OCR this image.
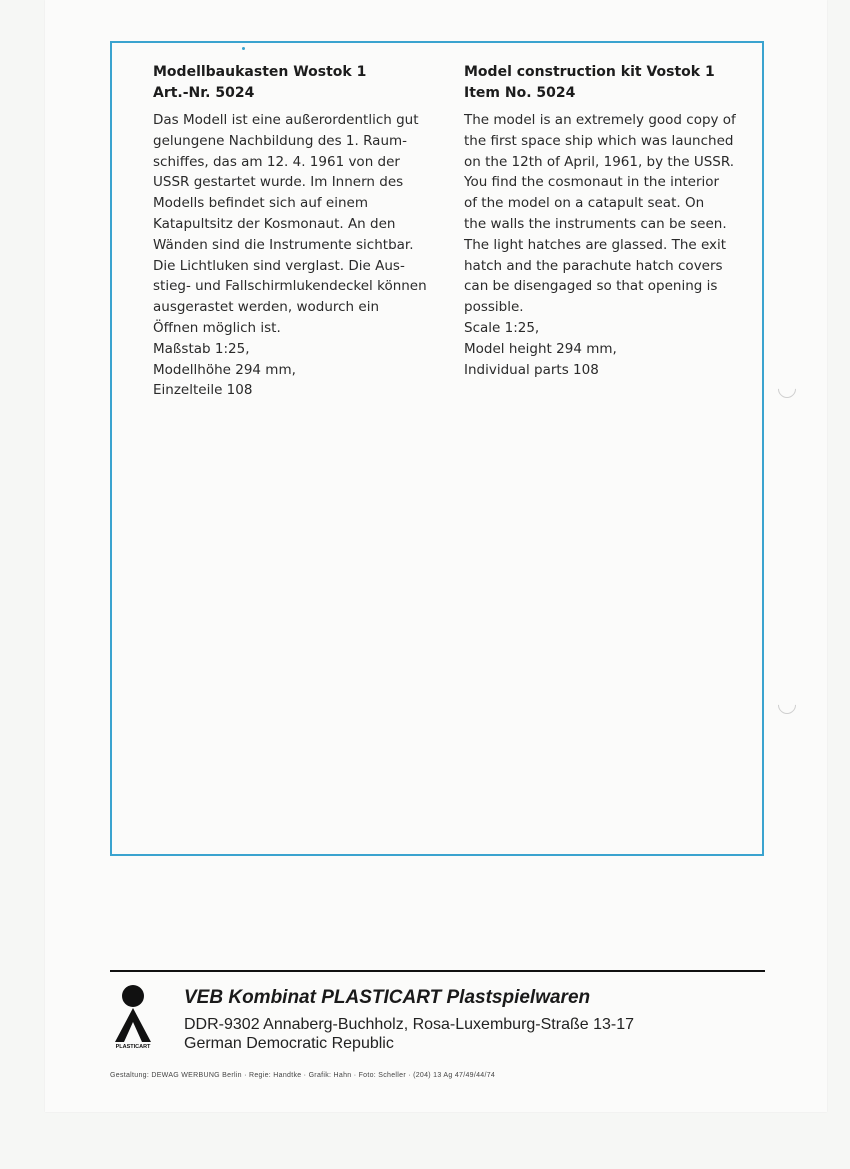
Modellbaukasten Wostok 1
Art.-Nr. 5024

Das Modell ist eine außerordentlich gut
gelungene Nachbildung des 1. Raum-
schiffes, das am 12. 4. 1961 von der
USSR gestartet wurde. Im Innern des
Modells befindet sich auf einem
Katapultsitz der Kosmonaut. An den
Wänden sind die Instrumente sichtbar.
Die Lichtluken sind verglast. Die Aus-
stieg- und Fallschirmlukendeckel können
ausgerastet werden, wodurch ein
Öffnen möglich ist.
Maßstab 1:25,
Modellhöhe 294 mm,
Einzelteile 108

Model construction kit Vostok 1
Item No. 5024

The model is an extremely good copy of
the first space ship which was launched
on the 12th of April, 1961, by the USSR.
You find the cosmonaut in the interior
of the model on a catapult seat. On
the walls the instruments can be seen.
The light hatches are glassed. The exit
hatch and the parachute hatch covers
can be disengaged so that opening is
possible.
Scale 1:25,
Model height 294 mm,
Individual parts 108
PLASTICART
VEB Kombinat PLASTICART Plastspielwaren
DDR-9302 Annaberg-Buchholz, Rosa-Luxemburg-Straße 13-17
German Democratic Republic
Gestaltung: DEWAG WERBUNG Berlin · Regie: Handtke · Grafik: Hahn · Foto: Scheller · (204) 13 Ag 47/49/44/74
